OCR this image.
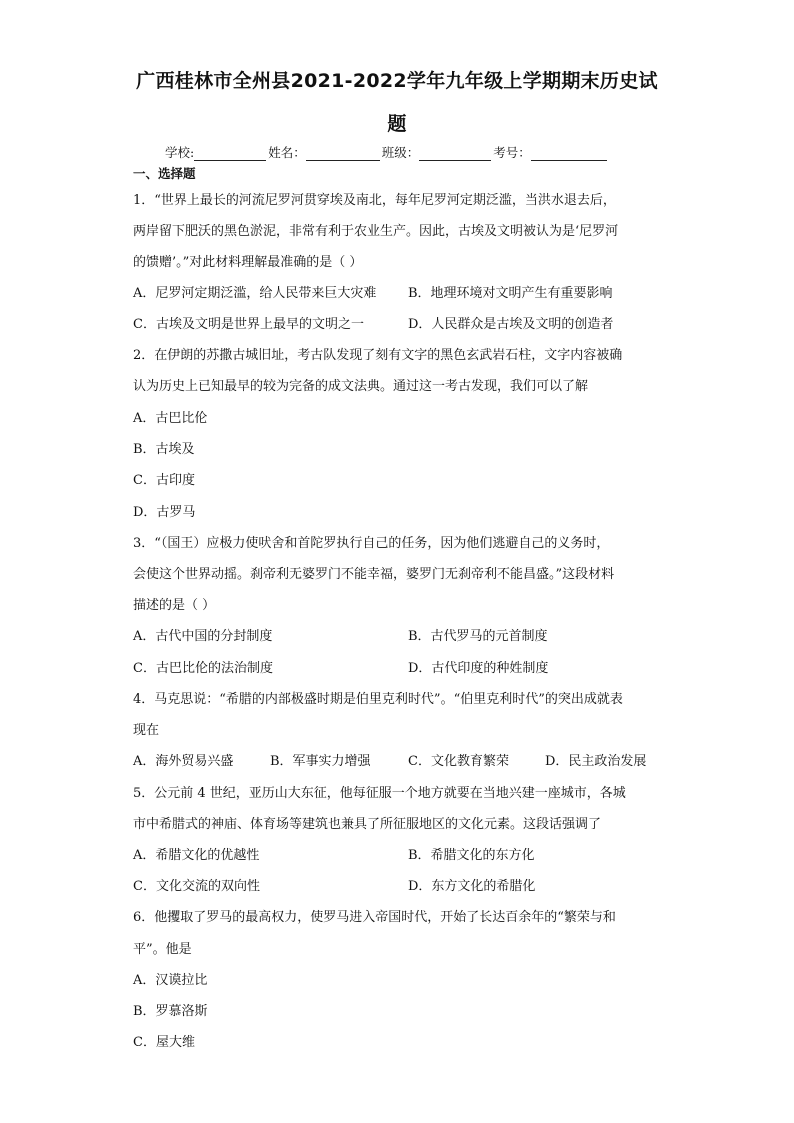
广西桂林市全州县2021-2022学年九年级上学期期末历史试
题
学校:	姓名：	班级：	考号：
一、选择题
1．“世界上最长的河流尼罗河贯穿埃及南北，每年尼罗河定期泛滥，当洪水退去后，
两岸留下肥沃的黑色淤泥，非常有利于农业生产。因此，古埃及文明被认为是‘尼罗河
的馈赠’。”对此材料理解最准确的是（ ）
A．尼罗河定期泛滥，给人民带来巨大灾难 B．地理环境对文明产生有重要影响
C．古埃及文明是世界上最早的文明之一	D．人民群众是古埃及文明的创造者
2．在伊朗的苏撒古城旧址，考古队发现了刻有文字的黑色玄武岩石柱，文字内容被确
认为历史上已知最早的较为完备的成文法典。通过这一考古发现，我们可以了解
A．古巴比伦
B．古埃及
C．古印度
D．古罗马
3．“（国王）应极力使吠舍和首陀罗执行自己的任务，因为他们逃避自己的义务时，
会使这个世界动摇。刹帝利无婆罗门不能幸福，婆罗门无刹帝利不能昌盛。”这段材料
描述的是（ ）
A．古代中国的分封制度	B．古代罗马的元首制度
C．古巴比伦的法治制度	D．古代印度的种姓制度
4．马克思说：“希腊的内部极盛时期是伯里克利时代”。“伯里克利时代”的突出成就表
现在
A．海外贸易兴盛	B．军事实力增强	C．文化教育繁荣	D．民主政治发展
5．公元前 4 世纪，亚历山大东征，他每征服一个地方就要在当地兴建一座城市，各城
市中希腊式的神庙、体育场等建筑也兼具了所征服地区的文化元素。这段话强调了
A．希腊文化的优越性	B．希腊文化的东方化
C．文化交流的双向性	D．东方文化的希腊化
6．他攫取了罗马的最高权力，使罗马进入帝国时代，开始了长达百余年的“繁荣与和
平”。他是
A．汉谟拉比
B．罗慕洛斯
C．屋大维
